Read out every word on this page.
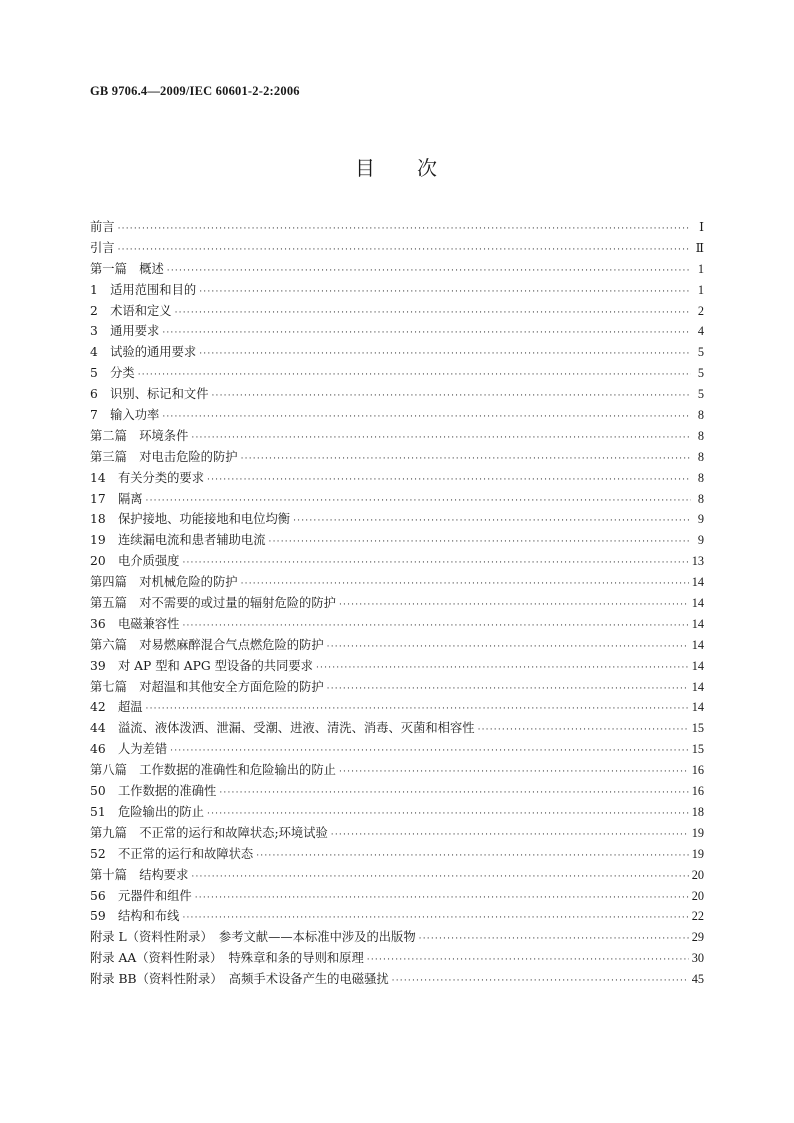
GB 9706.4—2009/IEC 60601-2-2:2006
目 次
前言 ·····	Ⅰ
引言 ·····	Ⅱ
第一篇　概述 ·····	1
1　适用范围和目的 ·····	1
2　术语和定义 ·····	2
3　通用要求 ·····	4
4　试验的通用要求 ·····	5
5　分类 ·····	5
6　识别、标记和文件 ·····	5
7　输入功率 ·····	8
第二篇　环境条件 ·····	8
第三篇　对电击危险的防护 ·····	8
14　有关分类的要求 ·····	8
17　隔离 ·····	8
18　保护接地、功能接地和电位均衡 ·····	9
19　连续漏电流和患者辅助电流 ·····	9
20　电介质强度 ·····	13
第四篇　对机械危险的防护 ·····	14
第五篇　对不需要的或过量的辐射危险的防护 ·····	14
36　电磁兼容性 ·····	14
第六篇　对易燃麻醉混合气点燃危险的防护 ·····	14
39　对 AP 型和 APG 型设备的共同要求 ·····	14
第七篇　对超温和其他安全方面危险的防护 ·····	14
42　超温 ·····	14
44　溢流、液体泼洒、泄漏、受潮、进液、清洗、消毒、灭菌和相容性 ·····	15
46　人为差错 ·····	15
第八篇　工作数据的准确性和危险输出的防止 ·····	16
50　工作数据的准确性 ·····	16
51　危险输出的防止 ·····	18
第九篇　不正常的运行和故障状态;环境试验 ·····	19
52　不正常的运行和故障状态 ·····	19
第十篇　结构要求 ·····	20
56　元器件和组件 ·····	20
59　结构和布线 ·····	22
附录 L（资料性附录）　参考文献——本标准中涉及的出版物 ·····	29
附录 AA（资料性附录）　特殊章和条的导则和原理 ·····	30
附录 BB（资料性附录）　高频手术设备产生的电磁骚扰 ·····	45
